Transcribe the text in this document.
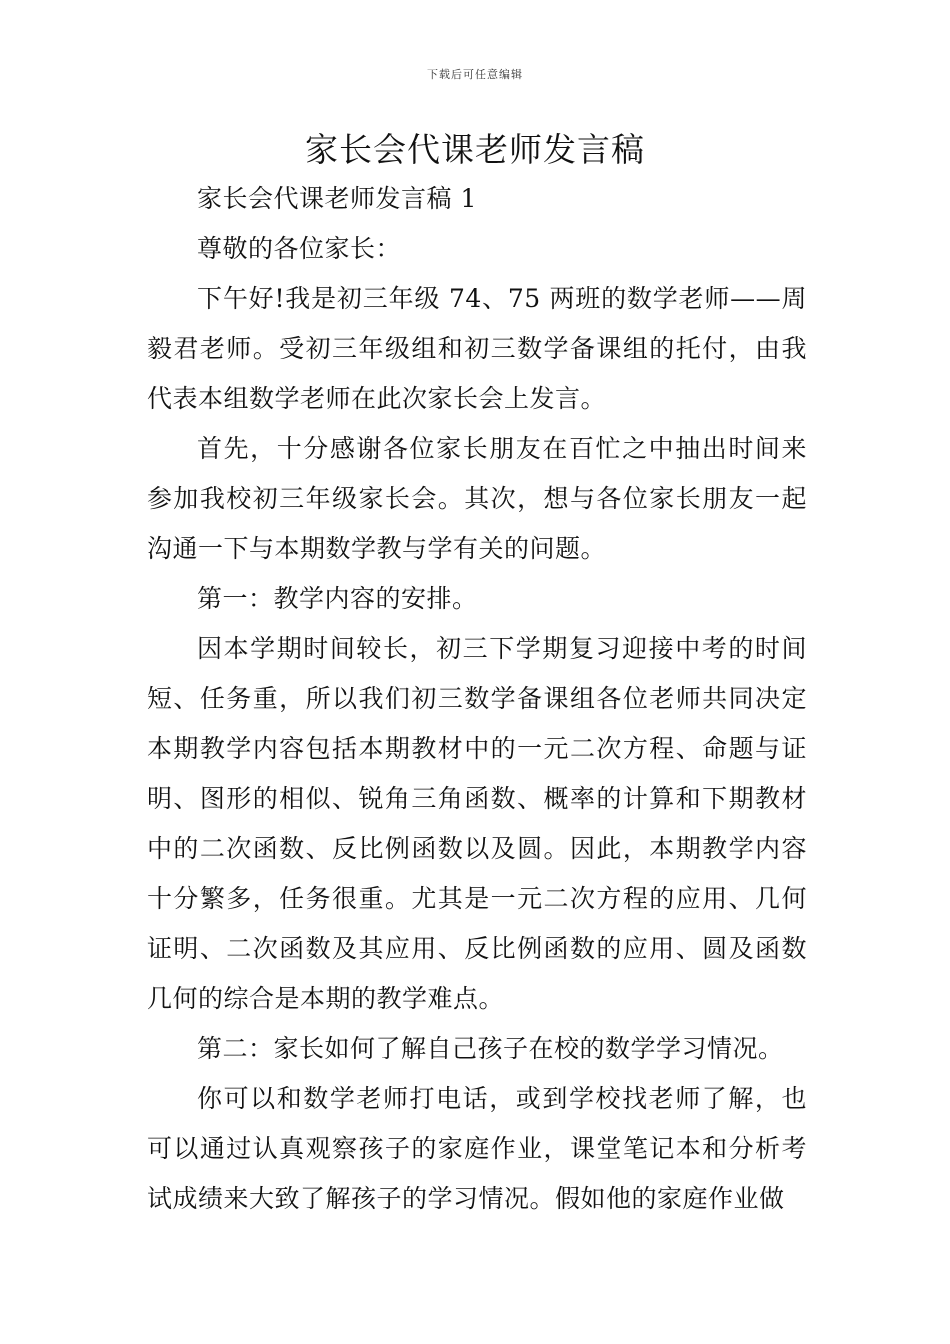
下载后可任意编辑
家长会代课老师发言稿

家长会代课老师发言稿 1

尊敬的各位家长：

下午好!我是初三年级 74、75 两班的数学老师——周毅君老师。受初三年级组和初三数学备课组的托付，由我代表本组数学老师在此次家长会上发言。

首先，十分感谢各位家长朋友在百忙之中抽出时间来参加我校初三年级家长会。其次，想与各位家长朋友一起沟通一下与本期数学教与学有关的问题。

第一：教学内容的安排。

因本学期时间较长，初三下学期复习迎接中考的时间短、任务重，所以我们初三数学备课组各位老师共同决定本期教学内容包括本期教材中的一元二次方程、命题与证明、图形的相似、锐角三角函数、概率的计算和下期教材中的二次函数、反比例函数以及圆。因此，本期教学内容十分繁多，任务很重。尤其是一元二次方程的应用、几何证明、二次函数及其应用、反比例函数的应用、圆及函数几何的综合是本期的教学难点。

第二：家长如何了解自己孩子在校的数学学习情况。

你可以和数学老师打电话，或到学校找老师了解，也可以通过认真观察孩子的家庭作业，课堂笔记本和分析考试成绩来大致了解孩子的学习情况。假如他的家庭作业做
